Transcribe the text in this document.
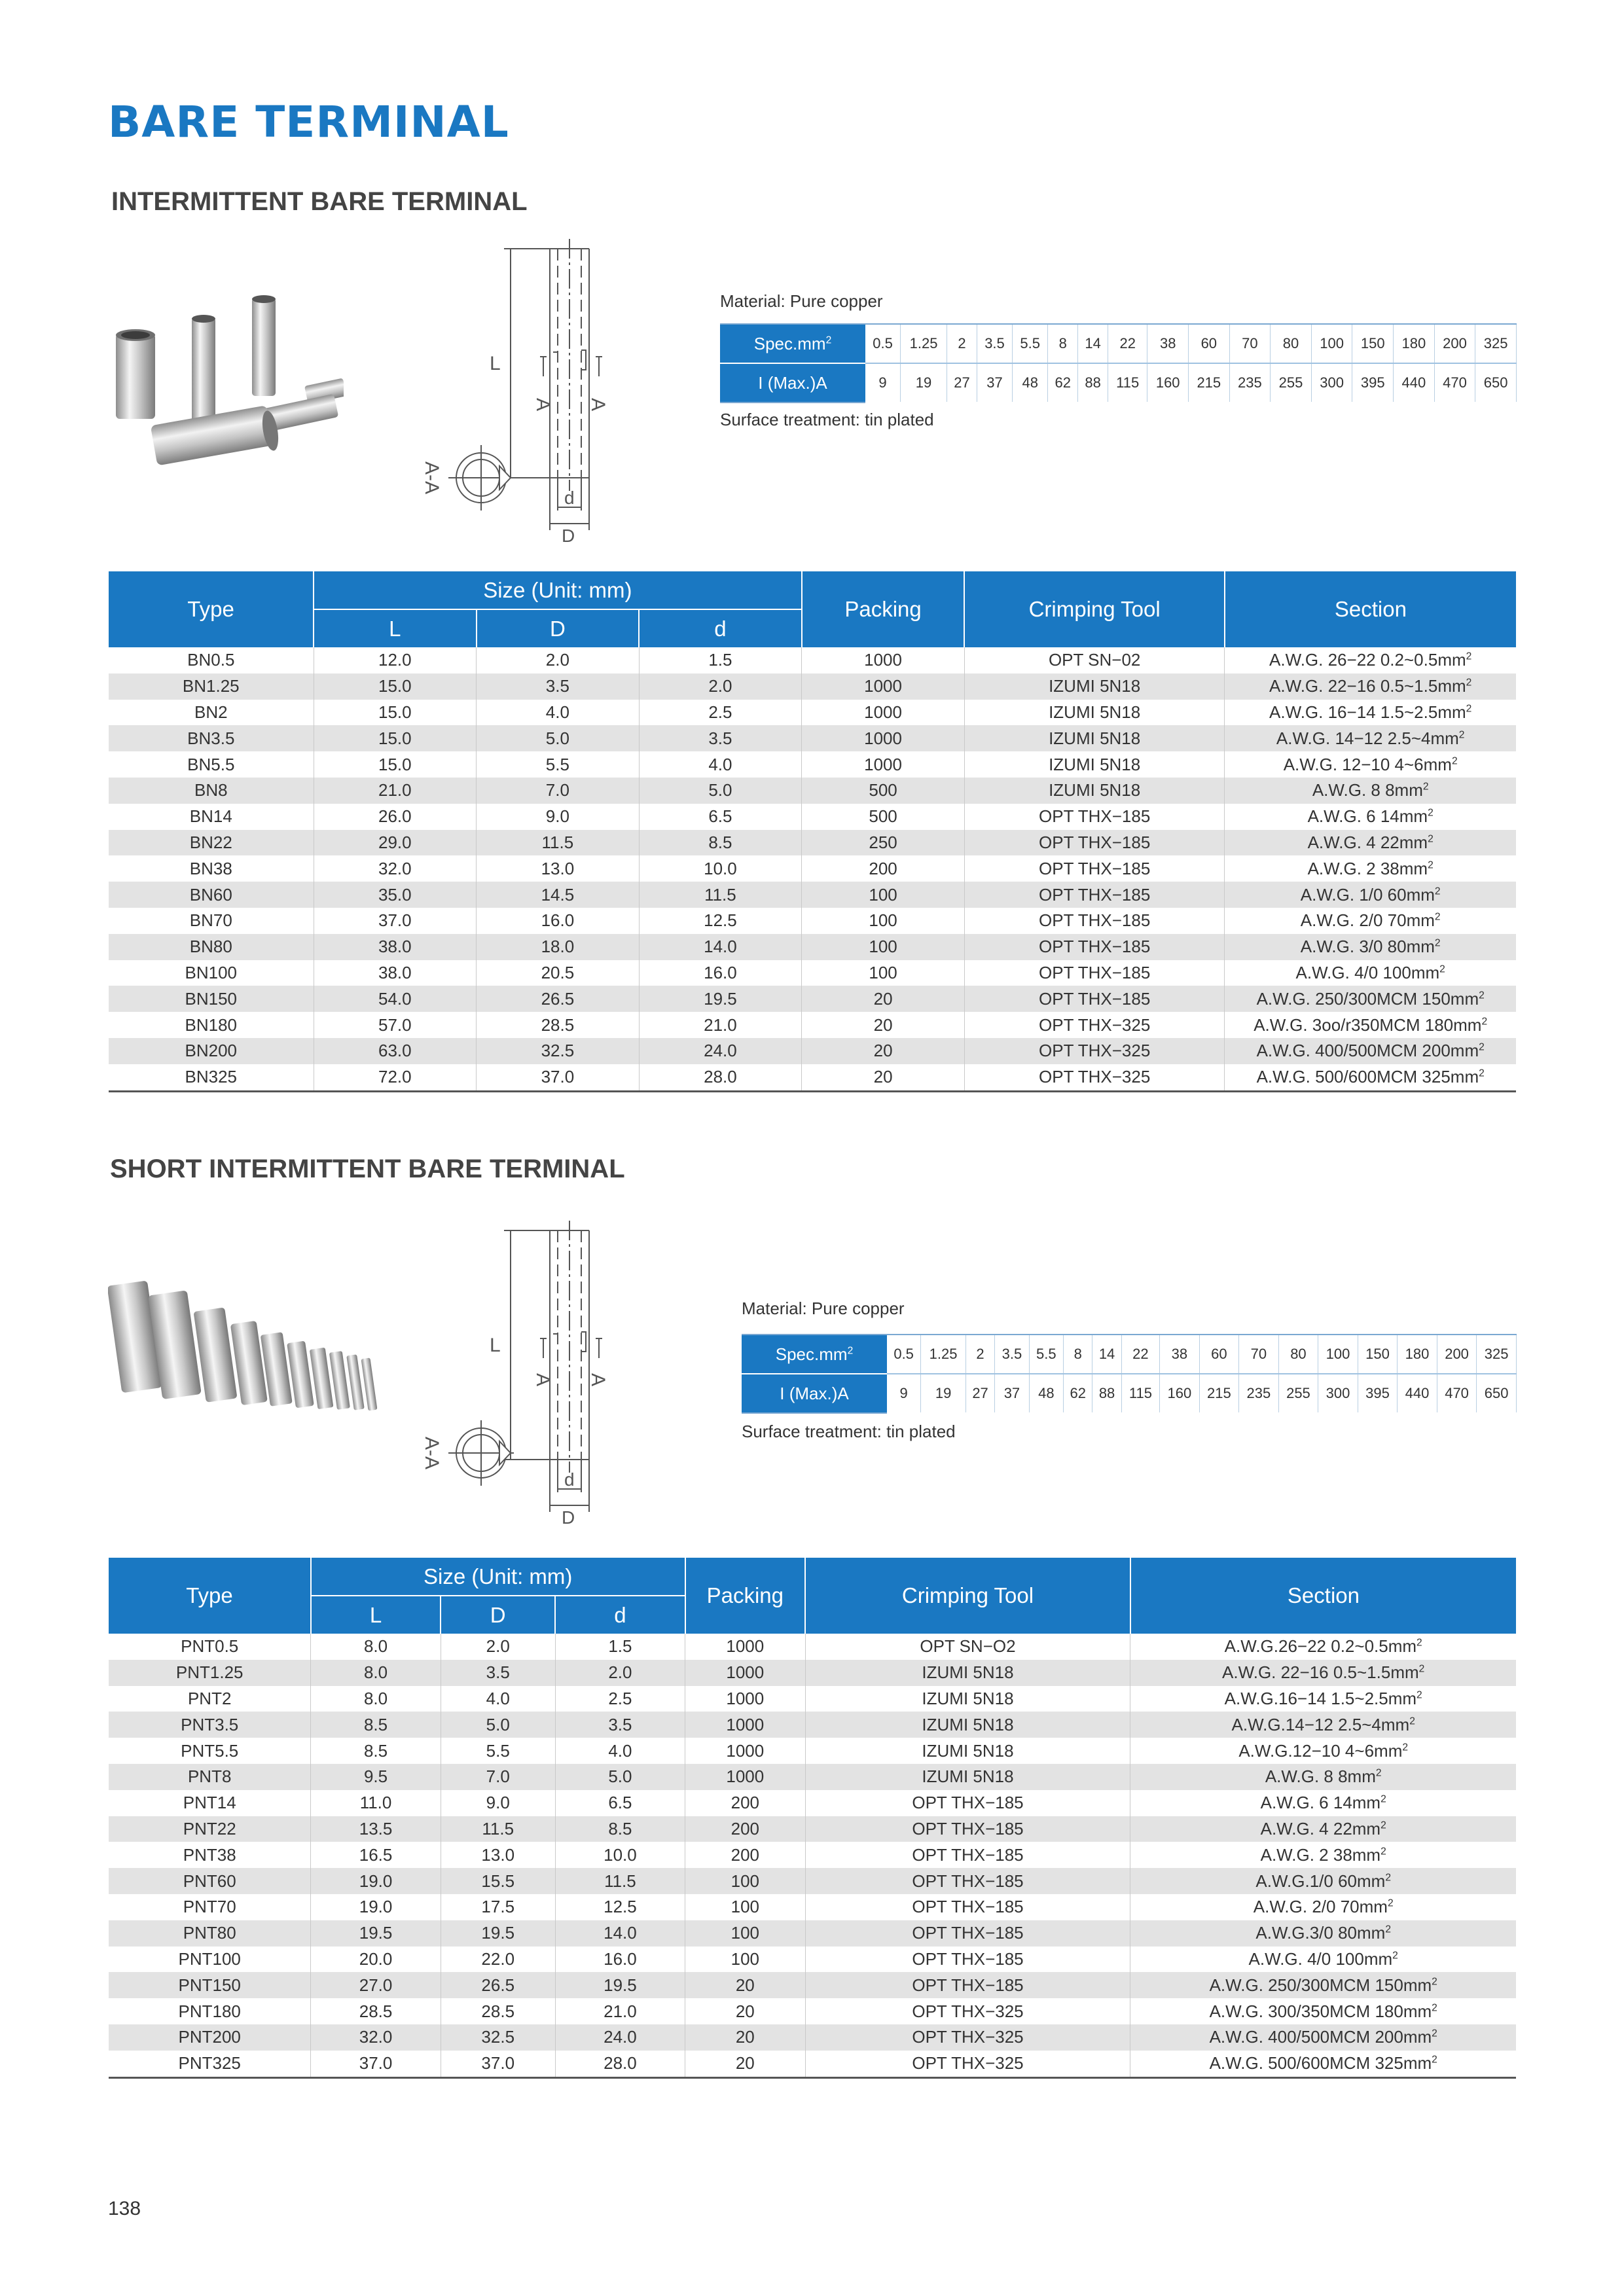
BARE TERMINAL
INTERMITTENT BARE TERMINAL
L
A A
A-A
d
D
Material: Pure copper
$Spec.mm^2$	0.5	1.25	2	3.5	5.5	8	14	22	38	60	70	80	100	150	180	200	325
I (Max.)A	9	19	27	37	48	62	88	115	160	215	235	255	300	395	440	470	650
Surface treatment: tin plated
Type	Size (Unit: mm)			Packing	Crimping Tool	Section
	L	D	d			
BN0.5	12.0	2.0	1.5	1000	OPT SN−02	A.W.G. 26−22 $0.2\sim 0.5mm^2$
BN1.25	15.0	3.5	2.0	1000	IZUMI 5N18	A.W.G. 22−16 $0.5\sim 1.5mm^2$
BN2	15.0	4.0	2.5	1000	IZUMI 5N18	A.W.G. 16−14 $1.5\sim 2.5mm^2$
BN3.5	15.0	5.0	3.5	1000	IZUMI 5N18	A.W.G. 14−12 $2.5\sim 4mm^2$
BN5.5	15.0	5.5	4.0	1000	IZUMI 5N18	A.W.G. 12−10 $4\sim 6mm^2$
BN8	21.0	7.0	5.0	500	IZUMI 5N18	A.W.G. 8 $8mm^2$
BN14	26.0	9.0	6.5	500	OPT THX−185	A.W.G. 6 $14mm^2$
BN22	29.0	11.5	8.5	250	OPT THX−185	A.W.G. 4 $22mm^2$
BN38	32.0	13.0	10.0	200	OPT THX−185	A.W.G. 2 $38mm^2$
BN60	35.0	14.5	11.5	100	OPT THX−185	A.W.G. 1/0 $60mm^2$
BN70	37.0	16.0	12.5	100	OPT THX−185	A.W.G. 2/0 $70mm^2$
BN80	38.0	18.0	14.0	100	OPT THX−185	A.W.G. 3/0 $80mm^2$
BN100	38.0	20.5	16.0	100	OPT THX−185	A.W.G. 4/0 $100mm^2$
BN150	54.0	26.5	19.5	20	OPT THX−185	A.W.G. 250/300MCM $150mm^2$
BN180	57.0	28.5	21.0	20	OPT THX−325	A.W.G. 3oo/r350MCM $180mm^2$
BN200	63.0	32.5	24.0	20	OPT THX−325	A.W.G. 400/500MCM $200mm^2$
BN325	72.0	37.0	28.0	20	OPT THX−325	A.W.G. 500/600MCM $325mm^2$
SHORT INTERMITTENT BARE TERMINAL
L
A A
A-A
d
D
Material: Pure copper
$Spec.mm^2$	0.5	1.25	2	3.5	5.5	8	14	22	38	60	70	80	100	150	180	200	325
I (Max.)A	9	19	27	37	48	62	88	115	160	215	235	255	300	395	440	470	650
Surface treatment: tin plated
Type	Size (Unit: mm)			Packing	Crimping Tool	Section
	L	D	d			
PNT0.5	8.0	2.0	1.5	1000	OPT SN−O2	A.W.G.26−22 $0.2\sim 0.5mm^2$
PNT1.25	8.0	3.5	2.0	1000	IZUMI 5N18	A.W.G. 22−16 $0.5\sim 1.5mm^2$
PNT2	8.0	4.0	2.5	1000	IZUMI 5N18	A.W.G.16−14 $1.5\sim 2.5mm^2$
PNT3.5	8.5	5.0	3.5	1000	IZUMI 5N18	A.W.G.14−12 $2.5\sim 4mm^2$
PNT5.5	8.5	5.5	4.0	1000	IZUMI 5N18	A.W.G.12−10 $4\sim 6mm^2$
PNT8	9.5	7.0	5.0	1000	IZUMI 5N18	A.W.G. 8 $8mm^2$
PNT14	11.0	9.0	6.5	200	OPT THX−185	A.W.G. 6 $14mm^2$
PNT22	13.5	11.5	8.5	200	OPT THX−185	A.W.G. 4 $22mm^2$
PNT38	16.5	13.0	10.0	200	OPT THX−185	A.W.G. 2 $38mm^2$
PNT60	19.0	15.5	11.5	100	OPT THX−185	A.W.G.1/0 $60mm^2$
PNT70	19.0	17.5	12.5	100	OPT THX−185	A.W.G. 2/0 $70mm^2$
PNT80	19.5	19.5	14.0	100	OPT THX−185	A.W.G.3/0 $80mm^2$
PNT100	20.0	22.0	16.0	100	OPT THX−185	A.W.G. 4/0 $100mm^2$
PNT150	27.0	26.5	19.5	20	OPT THX−185	A.W.G. 250/300MCM $150mm^2$
PNT180	28.5	28.5	21.0	20	OPT THX−325	A.W.G. 300/350MCM $180mm^2$
PNT200	32.0	32.5	24.0	20	OPT THX−325	A.W.G. 400/500MCM $200mm^2$
PNT325	37.0	37.0	28.0	20	OPT THX−325	A.W.G. 500/600MCM $325mm^2$
138
